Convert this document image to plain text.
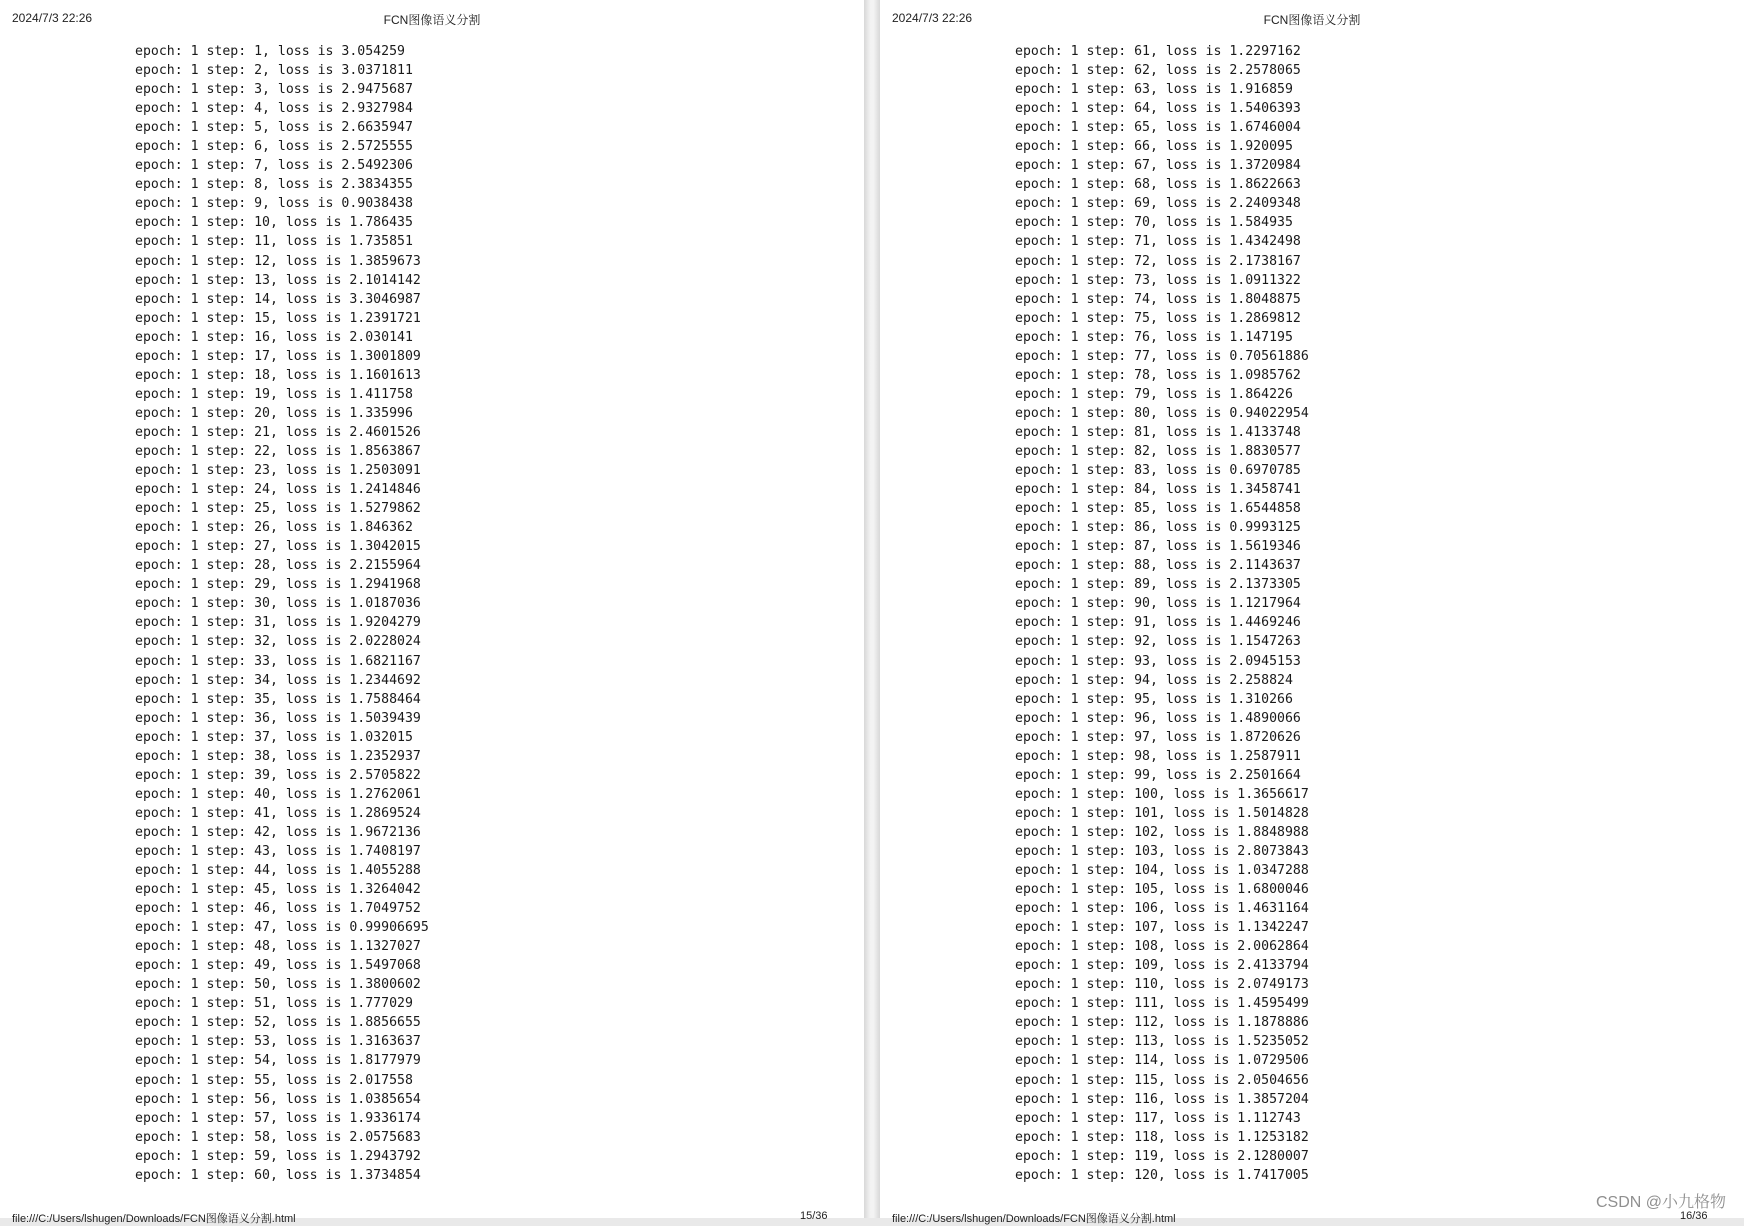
2024/7/3 22:26	FCN图像语义分割
epoch: 1 step: 1, loss is 3.054259
epoch: 1 step: 2, loss is 3.0371811
epoch: 1 step: 3, loss is 2.9475687
epoch: 1 step: 4, loss is 2.9327984
epoch: 1 step: 5, loss is 2.6635947
epoch: 1 step: 6, loss is 2.5725555
epoch: 1 step: 7, loss is 2.5492306
epoch: 1 step: 8, loss is 2.3834355
epoch: 1 step: 9, loss is 0.9038438
epoch: 1 step: 10, loss is 1.786435
epoch: 1 step: 11, loss is 1.735851
epoch: 1 step: 12, loss is 1.3859673
epoch: 1 step: 13, loss is 2.1014142
epoch: 1 step: 14, loss is 3.3046987
epoch: 1 step: 15, loss is 1.2391721
epoch: 1 step: 16, loss is 2.030141
epoch: 1 step: 17, loss is 1.3001809
epoch: 1 step: 18, loss is 1.1601613
epoch: 1 step: 19, loss is 1.411758
epoch: 1 step: 20, loss is 1.335996
epoch: 1 step: 21, loss is 2.4601526
epoch: 1 step: 22, loss is 1.8563867
epoch: 1 step: 23, loss is 1.2503091
epoch: 1 step: 24, loss is 1.2414846
epoch: 1 step: 25, loss is 1.5279862
epoch: 1 step: 26, loss is 1.846362
epoch: 1 step: 27, loss is 1.3042015
epoch: 1 step: 28, loss is 2.2155964
epoch: 1 step: 29, loss is 1.2941968
epoch: 1 step: 30, loss is 1.0187036
epoch: 1 step: 31, loss is 1.9204279
epoch: 1 step: 32, loss is 2.0228024
epoch: 1 step: 33, loss is 1.6821167
epoch: 1 step: 34, loss is 1.2344692
epoch: 1 step: 35, loss is 1.7588464
epoch: 1 step: 36, loss is 1.5039439
epoch: 1 step: 37, loss is 1.032015
epoch: 1 step: 38, loss is 1.2352937
epoch: 1 step: 39, loss is 2.5705822
epoch: 1 step: 40, loss is 1.2762061
epoch: 1 step: 41, loss is 1.2869524
epoch: 1 step: 42, loss is 1.9672136
epoch: 1 step: 43, loss is 1.7408197
epoch: 1 step: 44, loss is 1.4055288
epoch: 1 step: 45, loss is 1.3264042
epoch: 1 step: 46, loss is 1.7049752
epoch: 1 step: 47, loss is 0.99906695
epoch: 1 step: 48, loss is 1.1327027
epoch: 1 step: 49, loss is 1.5497068
epoch: 1 step: 50, loss is 1.3800602
epoch: 1 step: 51, loss is 1.777029
epoch: 1 step: 52, loss is 1.8856655
epoch: 1 step: 53, loss is 1.3163637
epoch: 1 step: 54, loss is 1.8177979
epoch: 1 step: 55, loss is 2.017558
epoch: 1 step: 56, loss is 1.0385654
epoch: 1 step: 57, loss is 1.9336174
epoch: 1 step: 58, loss is 2.0575683
epoch: 1 step: 59, loss is 1.2943792
epoch: 1 step: 60, loss is 1.3734854
file:///C:/Users/lshugen/Downloads/FCN图像语义分割.html	15/36
2024/7/3 22:26	FCN图像语义分割
epoch: 1 step: 61, loss is 1.2297162
epoch: 1 step: 62, loss is 2.2578065
epoch: 1 step: 63, loss is 1.916859
epoch: 1 step: 64, loss is 1.5406393
epoch: 1 step: 65, loss is 1.6746004
epoch: 1 step: 66, loss is 1.920095
epoch: 1 step: 67, loss is 1.3720984
epoch: 1 step: 68, loss is 1.8622663
epoch: 1 step: 69, loss is 2.2409348
epoch: 1 step: 70, loss is 1.584935
epoch: 1 step: 71, loss is 1.4342498
epoch: 1 step: 72, loss is 2.1738167
epoch: 1 step: 73, loss is 1.0911322
epoch: 1 step: 74, loss is 1.8048875
epoch: 1 step: 75, loss is 1.2869812
epoch: 1 step: 76, loss is 1.147195
epoch: 1 step: 77, loss is 0.70561886
epoch: 1 step: 78, loss is 1.0985762
epoch: 1 step: 79, loss is 1.864226
epoch: 1 step: 80, loss is 0.94022954
epoch: 1 step: 81, loss is 1.4133748
epoch: 1 step: 82, loss is 1.8830577
epoch: 1 step: 83, loss is 0.6970785
epoch: 1 step: 84, loss is 1.3458741
epoch: 1 step: 85, loss is 1.6544858
epoch: 1 step: 86, loss is 0.9993125
epoch: 1 step: 87, loss is 1.5619346
epoch: 1 step: 88, loss is 2.1143637
epoch: 1 step: 89, loss is 2.1373305
epoch: 1 step: 90, loss is 1.1217964
epoch: 1 step: 91, loss is 1.4469246
epoch: 1 step: 92, loss is 1.1547263
epoch: 1 step: 93, loss is 2.0945153
epoch: 1 step: 94, loss is 2.258824
epoch: 1 step: 95, loss is 1.310266
epoch: 1 step: 96, loss is 1.4890066
epoch: 1 step: 97, loss is 1.8720626
epoch: 1 step: 98, loss is 1.2587911
epoch: 1 step: 99, loss is 2.2501664
epoch: 1 step: 100, loss is 1.3656617
epoch: 1 step: 101, loss is 1.5014828
epoch: 1 step: 102, loss is 1.8848988
epoch: 1 step: 103, loss is 2.8073843
epoch: 1 step: 104, loss is 1.0347288
epoch: 1 step: 105, loss is 1.6800046
epoch: 1 step: 106, loss is 1.4631164
epoch: 1 step: 107, loss is 1.1342247
epoch: 1 step: 108, loss is 2.0062864
epoch: 1 step: 109, loss is 2.4133794
epoch: 1 step: 110, loss is 2.0749173
epoch: 1 step: 111, loss is 1.4595499
epoch: 1 step: 112, loss is 1.1878886
epoch: 1 step: 113, loss is 1.5235052
epoch: 1 step: 114, loss is 1.0729506
epoch: 1 step: 115, loss is 2.0504656
epoch: 1 step: 116, loss is 1.3857204
epoch: 1 step: 117, loss is 1.112743
epoch: 1 step: 118, loss is 1.1253182
epoch: 1 step: 119, loss is 2.1280007
epoch: 1 step: 120, loss is 1.7417005
file:///C:/Users/lshugen/Downloads/FCN图像语义分割.html	16/36
CSDN @小九格物
